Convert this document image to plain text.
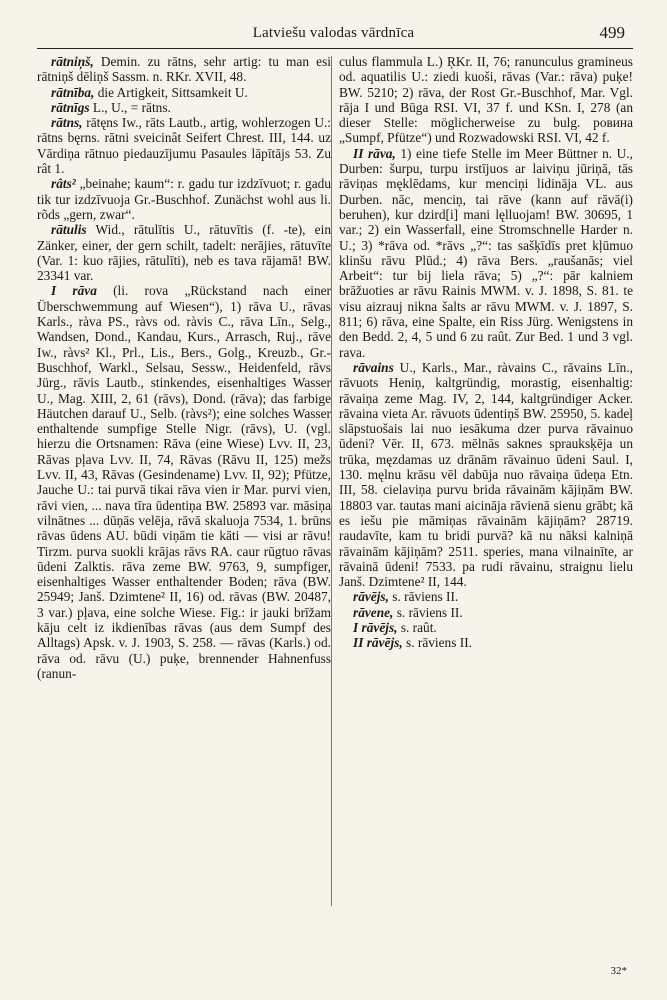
Latviešu valodas vārdnīca	499

rātniņš, Demin. zu rātns, sehr artig: tu man esi rātniņš dēliņš Sassm. n. RKr. XVII, 48.

rātnība, die Artigkeit, Sittsamkeit U.

rātnīgs L., U., = rātns.

rātns, rātęns Iw., rāts Lautb., artig, wohlerzogen U.: rātns bęrns. rātni sveicinât Seifert Chrest. III, 144. uz Vārdiņa rātnuo piedauzījumu Pasaules lāpītājs 53. Zu rât 1.

râts² „beinahe; kaum“: r. gadu tur izdzīvuot; r. gadu tik tur izdzīvuoja Gr.-Buschhof. Zunächst wohl aus li. rõds „gern, zwar“.

rātulis Wid., rātulītis U., rātuvītis (f. -te), ein Zänker, einer, der gern schilt, tadelt: nerājies, rātuvīte (Var. 1: kuo rājies, rātulīti), neb es tava rājamā! BW. 23341 var.

I rāva (li. rova „Rückstand nach einer Überschwemmung auf Wiesen“), 1) rāva U., rāvas Karls., ràva PS., ràvs od. ràvis C., rāva Līn., Selg., Wandsen, Dond., Kandau, Kurs., Arrasch, Ruj., rāve Iw., ràvs² Kl., Prl., Lis., Bers., Golg., Kreuzb., Gr.-Buschhof, Warkl., Selsau, Sessw., Heidenfeld, rāvs Jürg., rāvis Lautb., stinkendes, eisenhaltiges Wasser U., Mag. XIII, 2, 61 (rāvs), Dond. (rāva); das farbige Häutchen darauf U., Selb. (ràvs²); eine solches Wasser enthaltende sumpfige Stelle Nigr. (rāvs), U. (vgl. hierzu die Ortsnamen: Rāva (eine Wiese) Lvv. II, 23, Rāvas pļava Lvv. II, 74, Rāvas (Rāvu II, 125) mežs Lvv. II, 43, Rāvas (Gesindename) Lvv. II, 92); Pfütze, Jauche U.: tai purvā tikai rāva vien ir Mar. purvi vien, rāvi vien, ... nava tīra ūdentiņa BW. 25893 var. māsiņa vilnātnes ... dūņās velēja, rāvā skaluoja 7534, 1. brūns rāvas ūdens AU. būdi viņām tie kāti — visi ar rāvu! Tirzm. purva suokli krājas rāvs RA. caur rūgtuo rāvas ūdeni Zalktis. rāva zeme BW. 9763, 9, sumpfiger, eisenhaltiges Wasser enthaltender Boden; rāva (BW. 25949; Janš. Dzimtene² II, 16) od. rāvas (BW. 20487, 3 var.) pļava, eine solche Wiese. Fig.: ir jauki brīžam kāju celt iz ikdienības rāvas (aus dem Sumpf des Alltags) Apsk. v. J. 1903, S. 258. — rāvas (Karls.) od. rāva od. rāvu (U.) puķe, brennender Hahnenfuss (ranun-

culus flammula L.) ŖKr. II, 76; ranunculus gramineus od. aquatilis U.: ziedi kuoši, rāvas (Var.: rāva) puķe! BW. 5210; 2) rāva, der Rost Gr.-Buschhof, Mar. Vgl. rāja I und Būga RSI. VI, 37 f. und KSn. I, 278 (an dieser Stelle: möglicherweise zu bulg. ровина „Sumpf, Pfütze“) und Rozwadowski RSI. VI, 42 f.

II rāva, 1) eine tiefe Stelle im Meer Büttner n. U., Durben: šurpu, turpu irstījuos ar laiviņu jūriņā, tās rāviņas męklēdams, kur menciņi lidināja VL. aus Durben. nāc, menciņ, tai rāve (kann auf rāvā(i) beruhen), kur dzird[i] mani lęlluojam! BW. 30695, 1 var.; 2) ein Wasserfall, eine Stromschnelle Harder n. U.; 3) *rāva od. *rāvs „?“: tas sašķīdīs pret kļūmuo klinšu rāvu Plūd.; 4) rāva Bers. „raušanās; viel Arbeit“: tur bij liela rāva; 5) „?“: pār kalniem brāžuoties ar rāvu Rainis MWM. v. J. 1898, S. 81. te visu aizrauj nikna šalts ar rāvu MWM. v. J. 1897, S. 811; 6) rāva, eine Spalte, ein Riss Jürg. Wenigstens in den Bedd. 2, 4, 5 und 6 zu raût. Zur Bed. 1 und 3 vgl. rava.

rāvains U., Karls., Mar., ràvains C., rāvains Līn., rāvuots Heniņ, kaltgründig, morastig, eisenhaltig: rāvaiņa zeme Mag. IV, 2, 144, kaltgründiger Acker. rāvaina vieta Ar. rāvuots ūdentiņš BW. 25950, 5. kadeļ slāpstuošais lai nuo iesākuma dzer purva rāvainuo ūdeni? Vēr. II, 673. mēlnās saknes sprauksķēja un trūka, męzdamas uz drānām rāvainuo ūdeni Saul. I, 130. męlnu krāsu vēl dabūja nuo rāvaiņa ūdeņa Etn. III, 58. cielaviņa purvu brida rāvainām kājiņām BW. 18803 var. tautas mani aicināja rāvienā sienu grābt; kā es iešu pie māmiņas rāvainām kājiņām? 28719. raudavīte, kam tu bridi purvā? kā nu nāksi kalniņā rāvainām kājiņām? 2511. speries, mana vilnainīte, ar rāvainā ūdeni! 7533. pa rudi rāvainu, straignu lielu Janš. Dzimtene² II, 144.

rāvējs, s. rāviens II.

rāvene, s. rāviens II.

I rāvējs, s. raût.

II rāvējs, s. rāviens II.

32*
